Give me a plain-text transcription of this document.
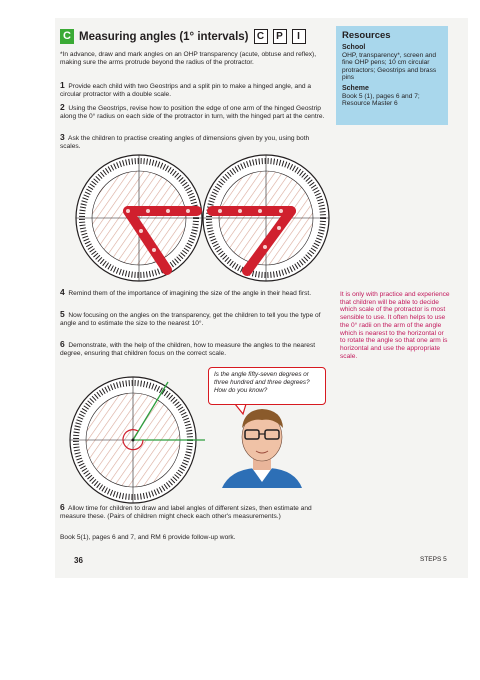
C Measuring angles (1° intervals) C	P	I

*In advance, draw and mark angles on an OHP transparency (acute, obtuse and reflex), making sure the arms protrude beyond the radius of the protractor.

1 Provide each child with two Geostrips and a split pin to make a hinged angle, and a circular protractor with a double scale.

2 Using the Geostrips, revise how to position the edge of one arm of the hinged Geostrip along the 0° radius on each side of the protractor in turn, with the hinged part at the centre.

3 Ask the children to practise creating angles of dimensions given by you, using both scales.

4 Remind them of the importance of imagining the size of the angle in their head first.

5 Now focusing on the angles on the transparency, get the children to tell you the type of angle and to estimate the size to the nearest 10°.

6 Demonstrate, with the help of the children, how to measure the angles to the nearest degree, ensuring that children focus on the correct scale.

Is the angle fifty-seven degrees or three hundred and three degrees? How do you know?

6 Allow time for children to draw and label angles of different sizes, then estimate and measure these. (Pairs of children might check each other's measurements.)

Book 5(1), pages 6 and 7, and RM 6 provide follow-up work.

Resources
School
OHP, transparency*, screen and fine OHP pens; 10 cm circular protractors; Geostrips and brass pins
Scheme
Book 5 (1), pages 6 and 7; Resource Master 6
It is only with practice and experience that children will be able to decide which scale of the protractor is most sensible to use. It often helps to use the 0° radii on the arm of the angle which is nearest to the horizontal or to rotate the angle so that one arm is horizontal and use the appropriate scale.
36	STEPS 5
